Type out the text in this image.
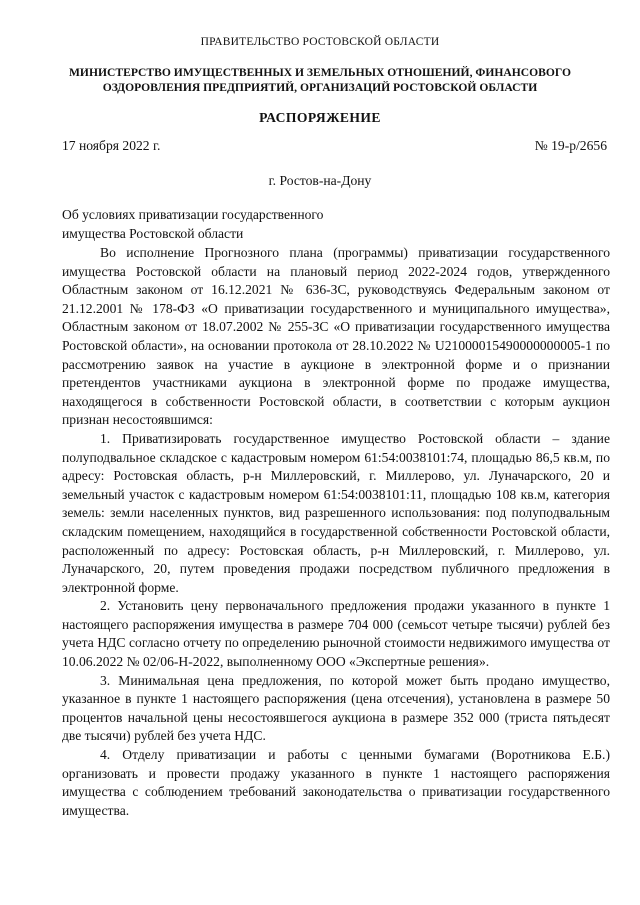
ПРАВИТЕЛЬСТВО РОСТОВСКОЙ ОБЛАСТИ
МИНИСТЕРСТВО ИМУЩЕСТВЕННЫХ И ЗЕМЕЛЬНЫХ ОТНОШЕНИЙ, ФИНАНСОВОГО
ОЗДОРОВЛЕНИЯ ПРЕДПРИЯТИЙ, ОРГАНИЗАЦИЙ РОСТОВСКОЙ ОБЛАСТИ
РАСПОРЯЖЕНИЕ
17 ноября 2022 г.	№ 19-р/2656
г. Ростов-на-Дону
Об условиях приватизации государственного
имущества Ростовской области

Во исполнение Прогнозного плана (программы) приватизации государственного имущества Ростовской области на плановый период 2022-2024 годов, утвержденного Областным законом от 16.12.2021 № 636-ЗС, руководствуясь Федеральным законом от 21.12.2001 № 178-ФЗ «О приватизации государственного и муниципального имущества», Областным законом от 18.07.2002 № 255-ЗС «О приватизации государственного имущества Ростовской области», на основании протокола от 28.10.2022 № U21000015490000000005-1 по рассмотрению заявок на участие в аукционе в электронной форме и о признании претендентов участниками аукциона в электронной форме по продаже имущества, находящегося в собственности Ростовской области, в соответствии с которым аукцион признан несостоявшимся:

1. Приватизировать государственное имущество Ростовской области – здание полуподвальное складское с кадастровым номером 61:54:0038101:74, площадью 86,5 кв.м, по адресу: Ростовская область, р-н Миллеровский, г. Миллерово, ул. Луначарского, 20 и земельный участок с кадастровым номером 61:54:0038101:11, площадью 108 кв.м, категория земель: земли населенных пунктов, вид разрешенного использования: под полуподвальным складским помещением, находящийся в государственной собственности Ростовской области, расположенный по адресу: Ростовская область, р-н Миллеровский, г. Миллерово, ул. Луначарского, 20, путем проведения продажи посредством публичного предложения в электронной форме.

2. Установить цену первоначального предложения продажи указанного в пункте 1 настоящего распоряжения имущества в размере 704 000 (семьсот четыре тысячи) рублей без учета НДС согласно отчету по определению рыночной стоимости недвижимого имущества от 10.06.2022 № 02/06-Н-2022, выполненному ООО «Экспертные решения».

3. Минимальная цена предложения, по которой может быть продано имущество, указанное в пункте 1 настоящего распоряжения (цена отсечения), установлена в размере 50 процентов начальной цены несостоявшегося аукциона в размере 352 000 (триста пятьдесят две тысячи) рублей без учета НДС.

4. Отделу приватизации и работы с ценными бумагами (Воротникова Е.Б.) организовать и провести продажу указанного в пункте 1 настоящего распоряжения имущества с соблюдением требований законодательства о приватизации государственного имущества.
